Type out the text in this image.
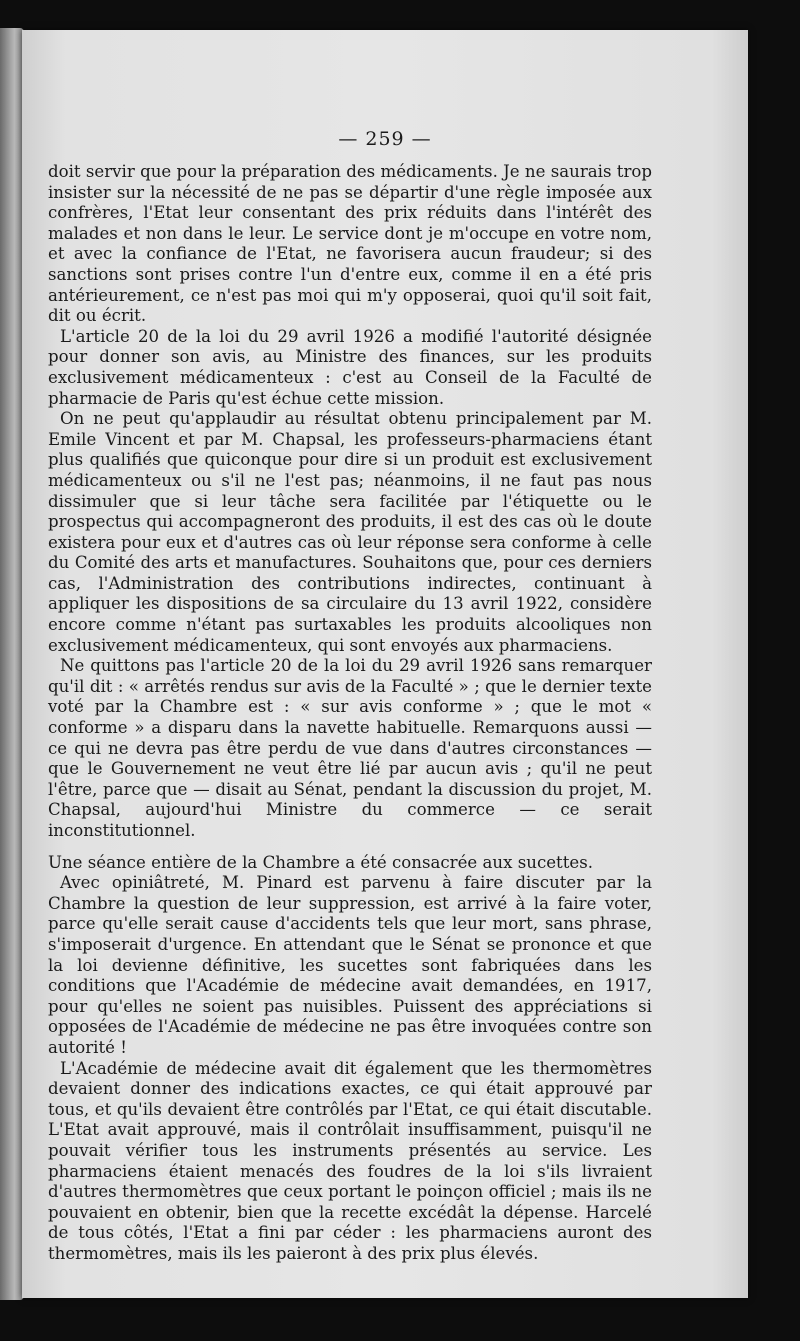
— 259 —

doit servir que pour la préparation des médicaments. Je ne saurais trop insister sur la nécessité de ne pas se départir d'une règle imposée aux confrères, l'Etat leur consentant des prix réduits dans l'intérêt des malades et non dans le leur. Le service dont je m'occupe en votre nom, et avec la confiance de l'Etat, ne favorisera aucun fraudeur; si des sanctions sont prises contre l'un d'entre eux, comme il en a été pris antérieurement, ce n'est pas moi qui m'y opposerai, quoi qu'il soit fait, dit ou écrit.

L'article 20 de la loi du 29 avril 1926 a modifié l'autorité désignée pour donner son avis, au Ministre des finances, sur les produits exclusivement médicamenteux : c'est au Conseil de la Faculté de pharmacie de Paris qu'est échue cette mission.

On ne peut qu'applaudir au résultat obtenu principalement par M. Emile Vincent et par M. Chapsal, les professeurs-pharmaciens étant plus qualifiés que quiconque pour dire si un produit est exclusivement médicamenteux ou s'il ne l'est pas; néanmoins, il ne faut pas nous dissimuler que si leur tâche sera facilitée par l'étiquette ou le prospectus qui accompagneront des produits, il est des cas où le doute existera pour eux et d'autres cas où leur réponse sera conforme à celle du Comité des arts et manufactures. Souhaitons que, pour ces derniers cas, l'Administration des contributions indirectes, continuant à appliquer les dispositions de sa circulaire du 13 avril 1922, considère encore comme n'étant pas surtaxables les produits alcooliques non exclusivement médicamenteux, qui sont envoyés aux pharmaciens.

Ne quittons pas l'article 20 de la loi du 29 avril 1926 sans remarquer qu'il dit : « arrêtés rendus sur avis de la Faculté » ; que le dernier texte voté par la Chambre est : « sur avis conforme » ; que le mot « conforme » a disparu dans la navette habituelle. Remarquons aussi — ce qui ne devra pas être perdu de vue dans d'autres circonstances — que le Gouvernement ne veut être lié par aucun avis ; qu'il ne peut l'être, parce que — disait au Sénat, pendant la discussion du projet, M. Chapsal, aujourd'hui Ministre du commerce — ce serait inconstitutionnel.

Une séance entière de la Chambre a été consacrée aux sucettes.

Avec opiniâtreté, M. Pinard est parvenu à faire discuter par la Chambre la question de leur suppression, est arrivé à la faire voter, parce qu'elle serait cause d'accidents tels que leur mort, sans phrase, s'imposerait d'urgence. En attendant que le Sénat se prononce et que la loi devienne définitive, les sucettes sont fabriquées dans les conditions que l'Académie de médecine avait demandées, en 1917, pour qu'elles ne soient pas nuisibles. Puissent des appréciations si opposées de l'Académie de médecine ne pas être invoquées contre son autorité !

L'Académie de médecine avait dit également que les thermomètres devaient donner des indications exactes, ce qui était approuvé par tous, et qu'ils devaient être contrôlés par l'Etat, ce qui était discutable. L'Etat avait approuvé, mais il contrôlait insuffisamment, puisqu'il ne pouvait vérifier tous les instruments présentés au service. Les pharmaciens étaient menacés des foudres de la loi s'ils livraient d'autres thermomètres que ceux portant le poinçon officiel ; mais ils ne pouvaient en obtenir, bien que la recette excédât la dépense. Harcelé de tous côtés, l'Etat a fini par céder : les pharmaciens auront des thermomètres, mais ils les paieront à des prix plus élevés.
